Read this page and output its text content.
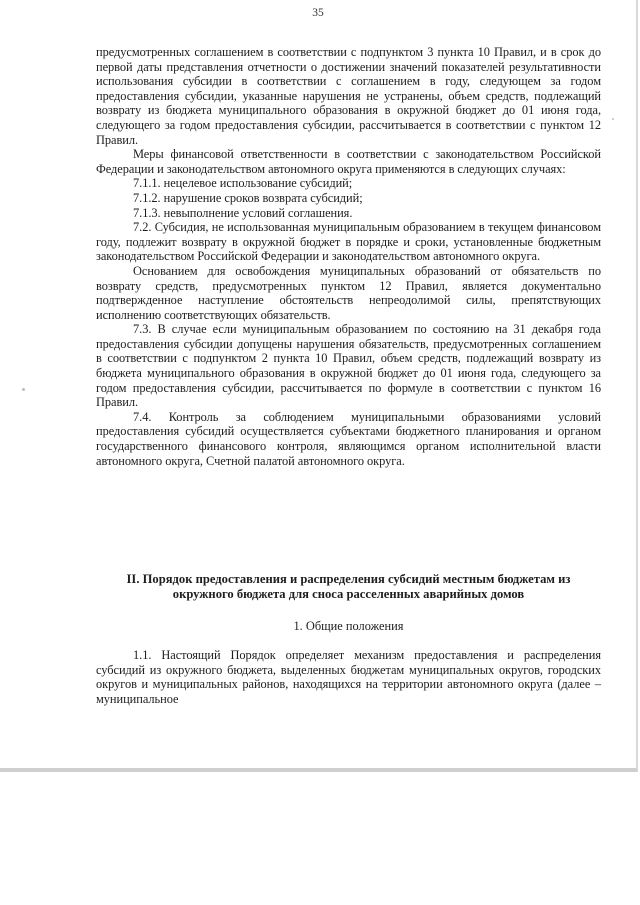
35

предусмотренных соглашением в соответствии с подпунктом 3 пункта 10 Правил, и в срок до первой даты представления отчетности о достижении значений показателей результативности использования субсидии в соответствии с соглашением в году, следующем за годом предоставления субсидии, указанные нарушения не устранены, объем средств, подлежащий возврату из бюджета муниципального образования в окружной бюджет до 01 июня года, следующего за годом предоставления субсидии, рассчитывается в соответствии с пунктом 12 Правил.

Меры финансовой ответственности в соответствии с законодательством Российской Федерации и законодательством автономного округа применяются в следующих случаях:

7.1.1. нецелевое использование субсидий;

7.1.2. нарушение сроков возврата субсидий;

7.1.3. невыполнение условий соглашения.

7.2. Субсидия, не использованная муниципальным образованием в текущем финансовом году, подлежит возврату в окружной бюджет в порядке и сроки, установленные бюджетным законодательством Российской Федерации и законодательством автономного округа.

Основанием для освобождения муниципальных образований от обязательств по возврату средств, предусмотренных пунктом 12 Правил, является документально подтвержденное наступление обстоятельств непреодолимой силы, препятствующих исполнению соответствующих обязательств.

7.3. В случае если муниципальным образованием по состоянию на 31 декабря года предоставления субсидии допущены нарушения обязательств, предусмотренных соглашением в соответствии с подпунктом 2 пункта 10 Правил, объем средств, подлежащий возврату из бюджета муниципального образования в окружной бюджет до 01 июня года, следующего за годом предоставления субсидии, рассчитывается по формуле в соответствии с пунктом 16 Правил.

7.4. Контроль за соблюдением муниципальными образованиями условий предоставления субсидий осуществляется субъектами бюджетного планирования и органом государственного финансового контроля, являющимся органом исполнительной власти автономного округа, Счетной палатой автономного округа.

II. Порядок предоставления и распределения субсидий местным бюджетам из окружного бюджета для сноса расселенных аварийных домов
1. Общие положения

1.1. Настоящий Порядок определяет механизм предоставления и распределения субсидий из окружного бюджета, выделенных бюджетам муниципальных округов, городских округов и муниципальных районов, находящихся на территории автономного округа (далее – муниципальное
